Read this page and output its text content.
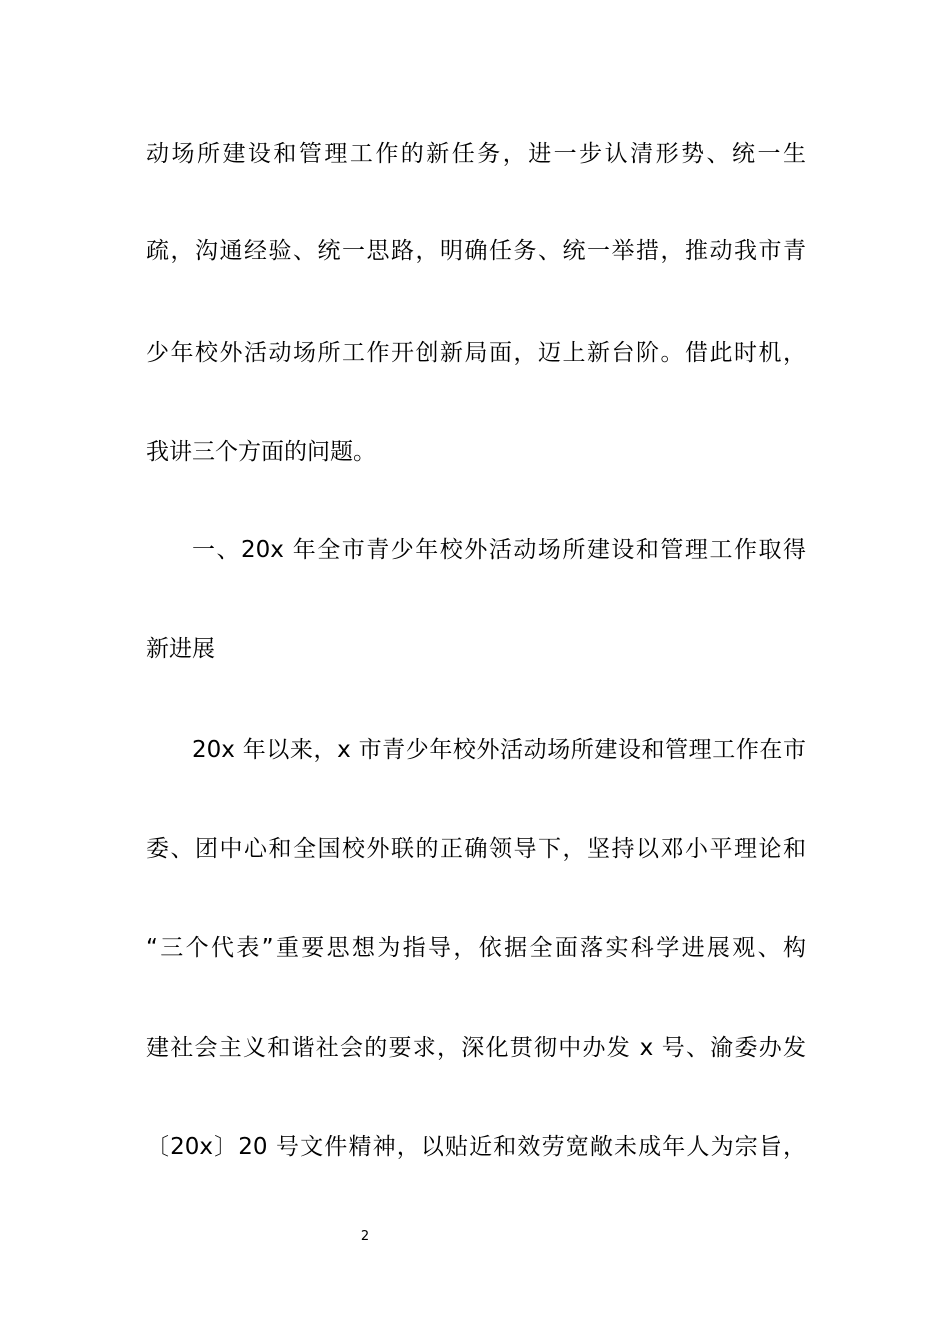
动场所建设和管理工作的新任务，进一步认清形势、统一生
疏，沟通经验、统一思路，明确任务、统一举措，推动我市青
少年校外活动场所工作开创新局面，迈上新台阶。借此时机，
我讲三个方面的问题。
一、20x 年全市青少年校外活动场所建设和管理工作取得
新进展
20x 年以来，x 市青少年校外活动场所建设和管理工作在市
委、团中心和全国校外联的正确领导下，坚持以邓小平理论和
“三个代表”重要思想为指导，依据全面落实科学进展观、构
建社会主义和谐社会的要求，深化贯彻中办发 x 号、渝委办发
〔20x〕20 号文件精神，以贴近和效劳宽敞未成年人为宗旨，
2
